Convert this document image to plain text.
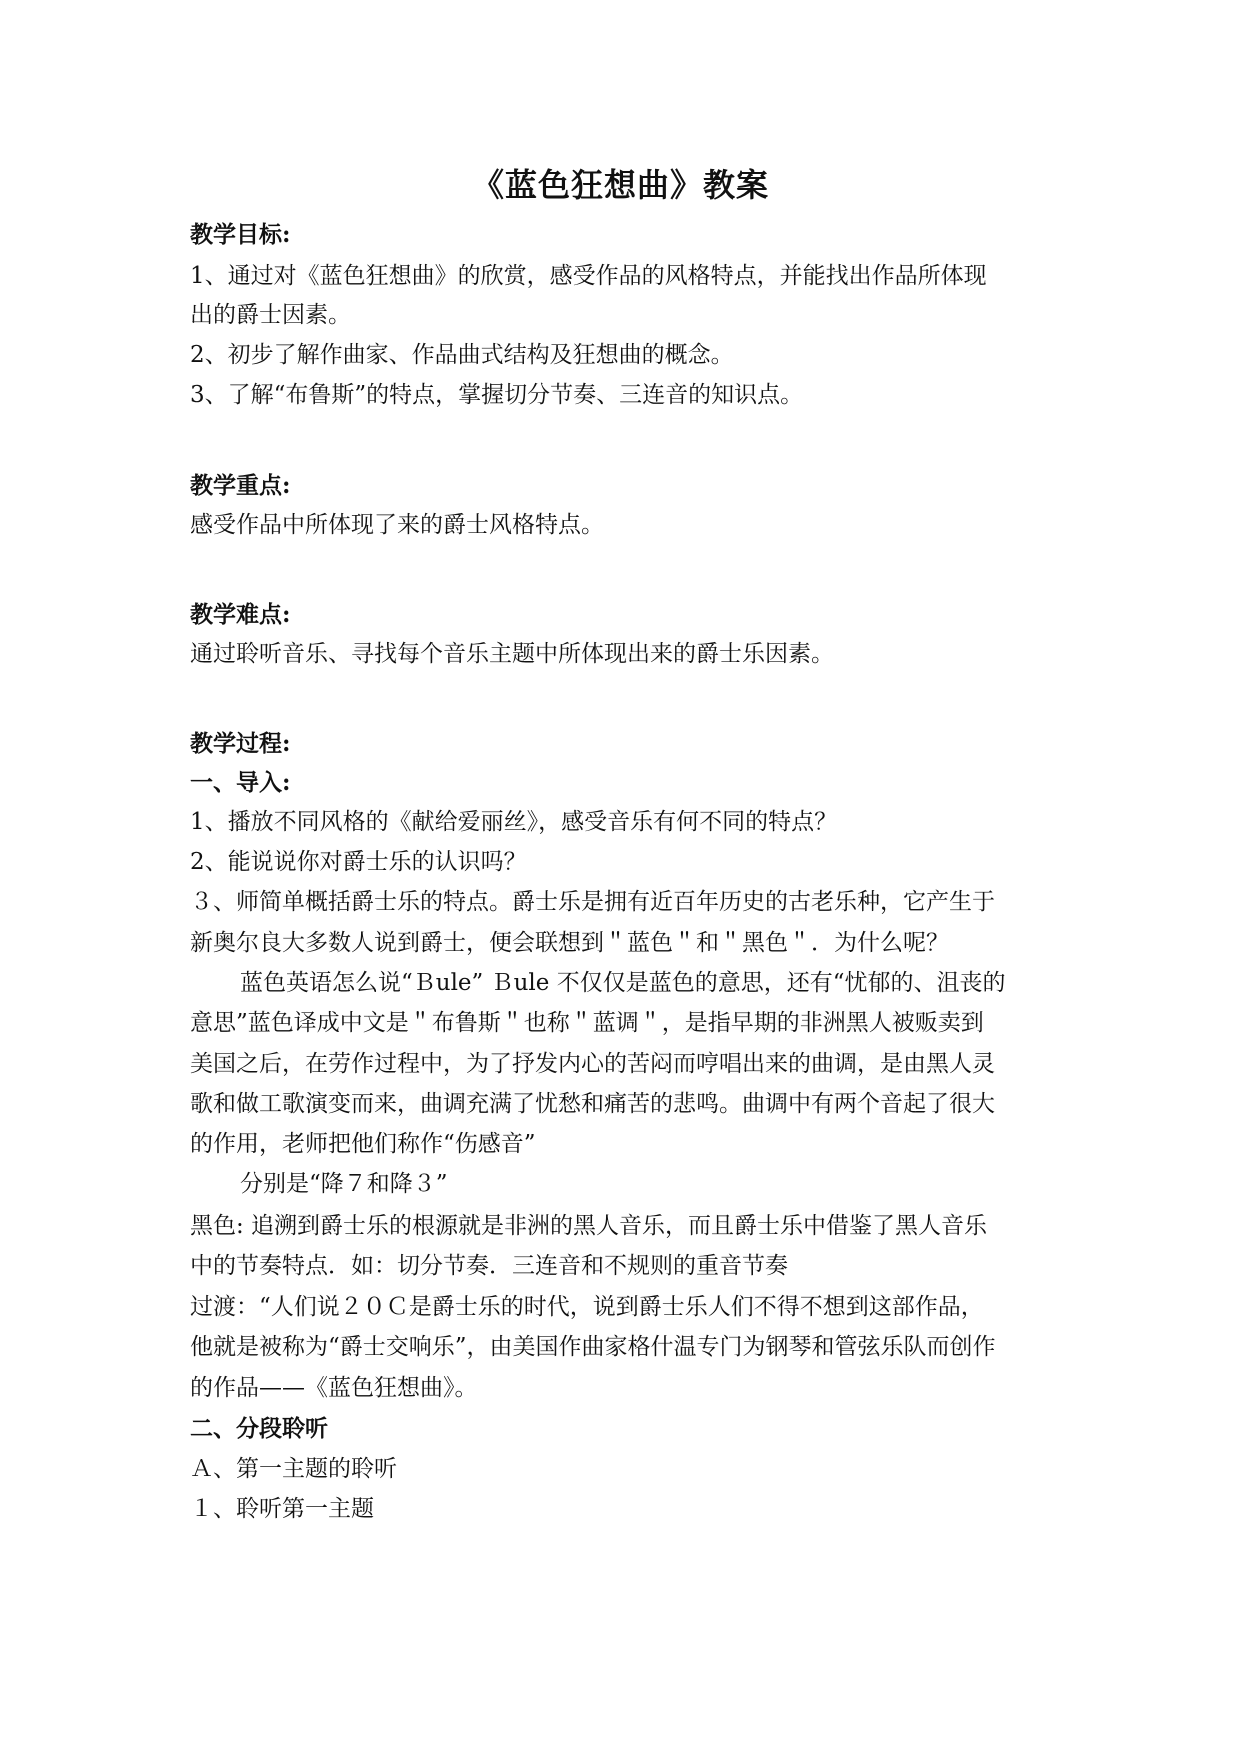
《蓝色狂想曲》教案
教学目标:
1、通过对《蓝色狂想曲》的欣赏，感受作品的风格特点，并能找出作品所体现
出的爵士因素。
2、初步了解作曲家、作品曲式结构及狂想曲的概念。
3、了解“布鲁斯”的特点，掌握切分节奏、三连音的知识点。
教学重点:
感受作品中所体现了来的爵士风格特点。
教学难点:
通过聆听音乐、寻找每个音乐主题中所体现出来的爵士乐因素。
教学过程:
一、导入:
1、播放不同风格的《献给爱丽丝》，感受音乐有何不同的特点？
2、能说说你对爵士乐的认识吗？
３、师简单概括爵士乐的特点。爵士乐是拥有近百年历史的古老乐种，它产生于
新奥尔良大多数人说到爵士，便会联想到＂蓝色＂和＂黑色＂．为什么呢？
蓝色英语怎么说“Ｂule” Ｂule 不仅仅是蓝色的意思，还有“忧郁的、沮丧的
意思”蓝色译成中文是＂布鲁斯＂也称＂蓝调＂，是指早期的非洲黑人被贩卖到
美国之后，在劳作过程中，为了抒发内心的苦闷而哼唱出来的曲调，是由黑人灵
歌和做工歌演变而来，曲调充满了忧愁和痛苦的悲鸣。曲调中有两个音起了很大
的作用，老师把他们称作“伤感音”
分别是“降７和降３”
黑色: 追溯到爵士乐的根源就是非洲的黑人音乐，而且爵士乐中借鉴了黑人音乐
中的节奏特点．如：切分节奏．三连音和不规则的重音节奏
过渡：“人们说２０Ｃ是爵士乐的时代，说到爵士乐人们不得不想到这部作品，
他就是被称为“爵士交响乐”，由美国作曲家格什温专门为钢琴和管弦乐队而创作
的作品——《蓝色狂想曲》。
二、分段聆听
Ａ、第一主题的聆听
１、聆听第一主题
